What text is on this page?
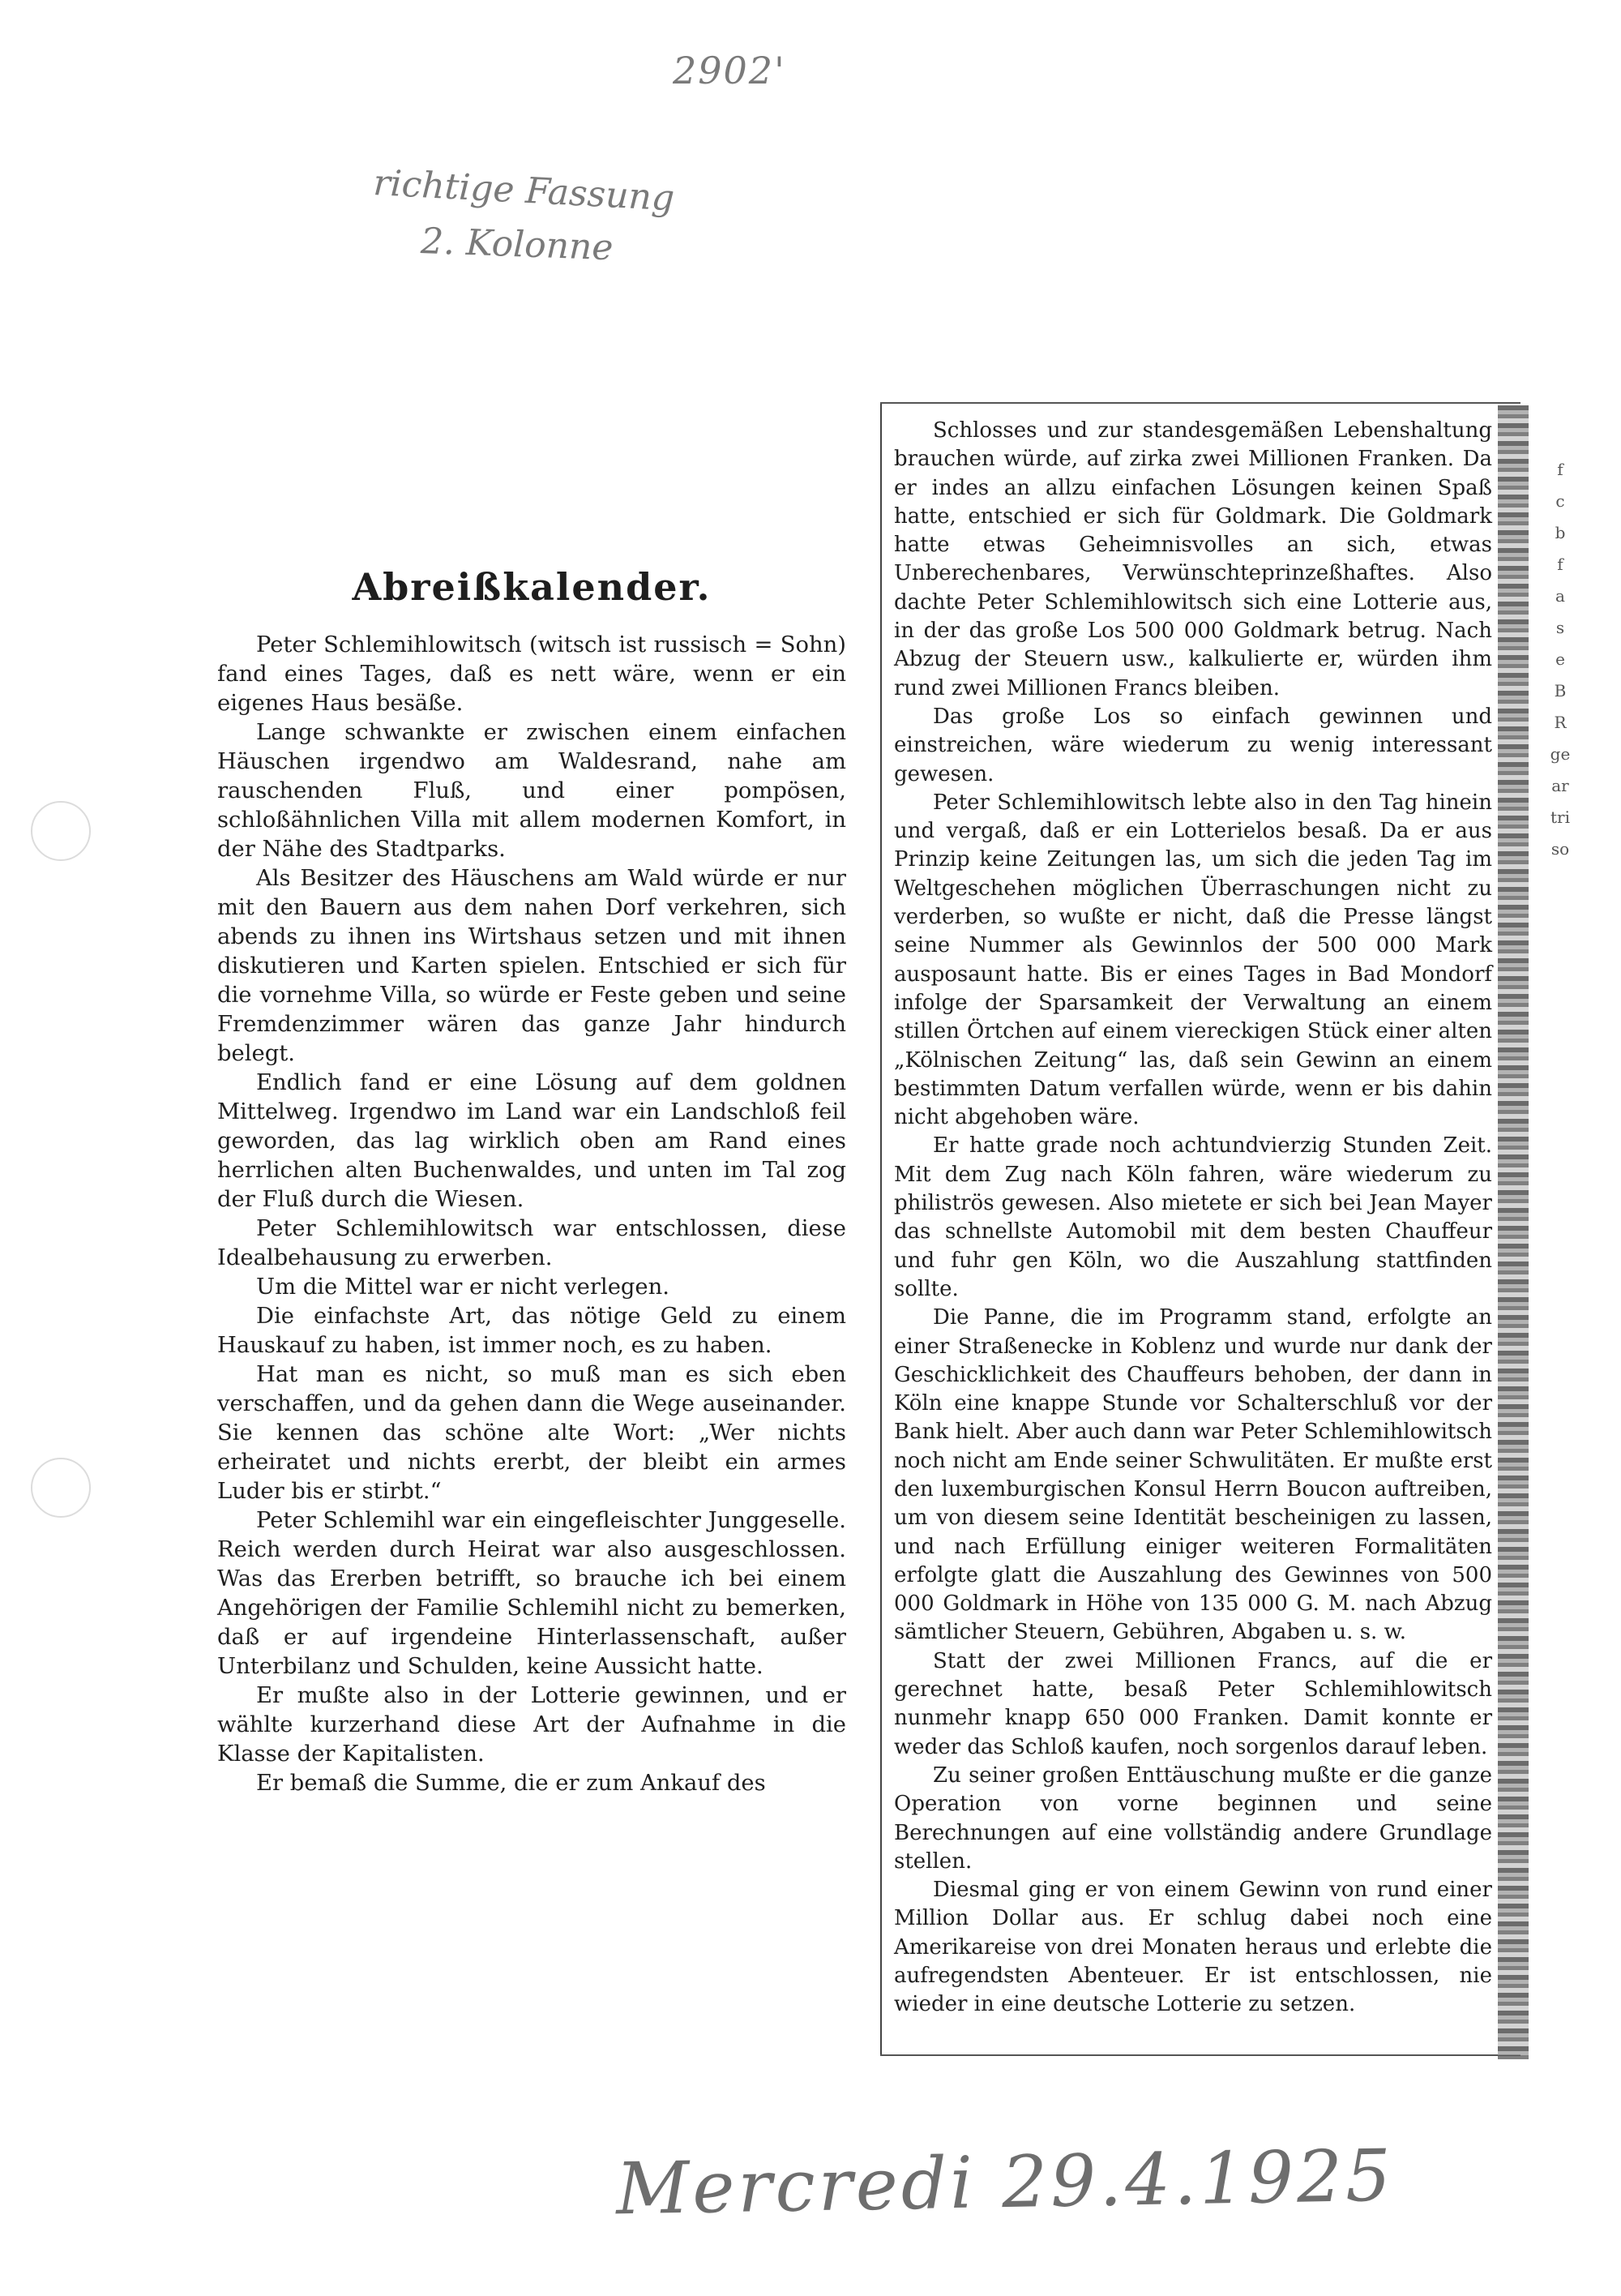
2902'
richtige Fassung
2. Kolonne
Abreißkalender.

Peter Schlemihlowitsch (witsch ist russisch = Sohn) fand eines Tages, daß es nett wäre, wenn er ein eigenes Haus besäße.

Lange schwankte er zwischen einem einfachen Häuschen irgendwo am Waldesrand, nahe am rauschenden Fluß, und einer pompösen, schloßähnlichen Villa mit allem modernen Komfort, in der Nähe des Stadtparks.

Als Besitzer des Häuschens am Wald würde er nur mit den Bauern aus dem nahen Dorf verkehren, sich abends zu ihnen ins Wirtshaus setzen und mit ihnen diskutieren und Karten spielen. Entschied er sich für die vornehme Villa, so würde er Feste geben und seine Fremdenzimmer wären das ganze Jahr hindurch belegt.

Endlich fand er eine Lösung auf dem goldnen Mittelweg. Irgendwo im Land war ein Landschloß feil geworden, das lag wirklich oben am Rand eines herrlichen alten Buchenwaldes, und unten im Tal zog der Fluß durch die Wiesen.

Peter Schlemihlowitsch war entschlossen, diese Idealbehausung zu erwerben.

Um die Mittel war er nicht verlegen.

Die einfachste Art, das nötige Geld zu einem Hauskauf zu haben, ist immer noch, es zu haben.

Hat man es nicht, so muß man es sich eben verschaffen, und da gehen dann die Wege auseinander. Sie kennen das schöne alte Wort: „Wer nichts erheiratet und nichts ererbt, der bleibt ein armes Luder bis er stirbt.“

Peter Schlemihl war ein eingefleischter Junggeselle. Reich werden durch Heirat war also ausgeschlossen. Was das Ererben betrifft, so brauche ich bei einem Angehörigen der Familie Schlemihl nicht zu bemerken, daß er auf irgendeine Hinterlassenschaft, außer Unterbilanz und Schulden, keine Aussicht hatte.

Er mußte also in der Lotterie gewinnen, und er wählte kurzerhand diese Art der Aufnahme in die Klasse der Kapitalisten.

Er bemaß die Summe, die er zum Ankauf des

Schlosses und zur standesgemäßen Lebenshaltung brauchen würde, auf zirka zwei Millionen Franken. Da er indes an allzu einfachen Lösungen keinen Spaß hatte, entschied er sich für Goldmark. Die Goldmark hatte etwas Geheimnisvolles an sich, etwas Unberechenbares, Verwünschteprinzeßhaftes. Also dachte Peter Schlemihlowitsch sich eine Lotterie aus, in der das große Los 500 000 Goldmark betrug. Nach Abzug der Steuern usw., kalkulierte er, würden ihm rund zwei Millionen Francs bleiben.

Das große Los so einfach gewinnen und einstreichen, wäre wiederum zu wenig interessant gewesen.

Peter Schlemihlowitsch lebte also in den Tag hinein und vergaß, daß er ein Lotterielos besaß. Da er aus Prinzip keine Zeitungen las, um sich die jeden Tag im Weltgeschehen möglichen Überraschungen nicht zu verderben, so wußte er nicht, daß die Presse längst seine Nummer als Gewinnlos der 500 000 Mark ausposaunt hatte. Bis er eines Tages in Bad Mondorf infolge der Sparsamkeit der Verwaltung an einem stillen Örtchen auf einem viereckigen Stück einer alten „Kölnischen Zeitung“ las, daß sein Gewinn an einem bestimmten Datum verfallen würde, wenn er bis dahin nicht abgehoben wäre.

Er hatte grade noch achtundvierzig Stunden Zeit. Mit dem Zug nach Köln fahren, wäre wiederum zu philiströs gewesen. Also mietete er sich bei Jean Mayer das schnellste Automobil mit dem besten Chauffeur und fuhr gen Köln, wo die Auszahlung stattfinden sollte.

Die Panne, die im Programm stand, erfolgte an einer Straßenecke in Koblenz und wurde nur dank der Geschicklichkeit des Chauffeurs behoben, der dann in Köln eine knappe Stunde vor Schalterschluß vor der Bank hielt. Aber auch dann war Peter Schlemihlowitsch noch nicht am Ende seiner Schwulitäten. Er mußte erst den luxemburgischen Konsul Herrn Boucon auftreiben, um von diesem seine Identität bescheinigen zu lassen, und nach Erfüllung einiger weiteren Formalitäten erfolgte glatt die Auszahlung des Gewinnes von 500 000 Goldmark in Höhe von 135 000 G. M. nach Abzug sämtlicher Steuern, Gebühren, Abgaben u. s. w.

Statt der zwei Millionen Francs, auf die er gerechnet hatte, besaß Peter Schlemihlowitsch nunmehr knapp 650 000 Franken. Damit konnte er weder das Schloß kaufen, noch sorgenlos darauf leben.

Zu seiner großen Enttäuschung mußte er die ganze Operation von vorne beginnen und seine Berechnungen auf eine vollständig andere Grundlage stellen.

Diesmal ging er von einem Gewinn von rund einer Million Dollar aus. Er schlug dabei noch eine Amerikareise von drei Monaten heraus und erlebte die aufregendsten Abenteuer. Er ist entschlossen, nie wieder in eine deutsche Lotterie zu setzen.

f
c
b
f
a
s
e
B
R
ge
ar
tri
so
Mercredi 29.4.1925
